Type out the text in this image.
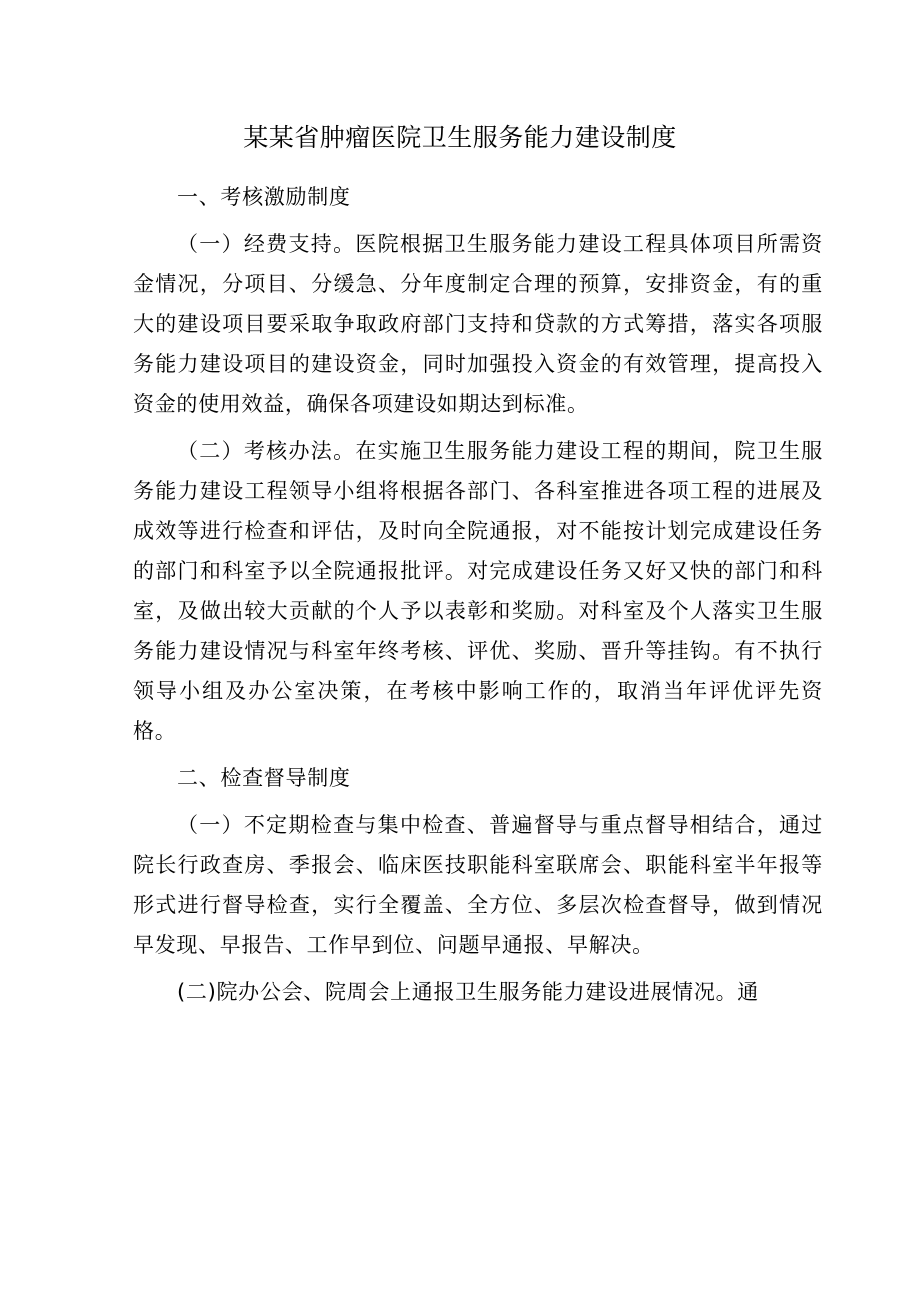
某某省肿瘤医院卫生服务能力建设制度
一、考核激励制度
（一）经费支持。医院根据卫生服务能力建设工程具体项目所需资金情况，分项目、分缓急、分年度制定合理的预算，安排资金，有的重大的建设项目要采取争取政府部门支持和贷款的方式筹措，落实各项服务能力建设项目的建设资金，同时加强投入资金的有效管理，提高投入资金的使用效益，确保各项建设如期达到标准。
（二）考核办法。在实施卫生服务能力建设工程的期间，院卫生服务能力建设工程领导小组将根据各部门、各科室推进各项工程的进展及成效等进行检查和评估，及时向全院通报，对不能按计划完成建设任务的部门和科室予以全院通报批评。对完成建设任务又好又快的部门和科室，及做出较大贡献的个人予以表彰和奖励。对科室及个人落实卫生服务能力建设情况与科室年终考核、评优、奖励、晋升等挂钩。有不执行领导小组及办公室决策，在考核中影响工作的，取消当年评优评先资格。
二、检查督导制度
（一）不定期检查与集中检查、普遍督导与重点督导相结合，通过院长行政查房、季报会、临床医技职能科室联席会、职能科室半年报等形式进行督导检查，实行全覆盖、全方位、多层次检查督导，做到情况早发现、早报告、工作早到位、问题早通报、早解决。
(二)院办公会、院周会上通报卫生服务能力建设进展情况。通
